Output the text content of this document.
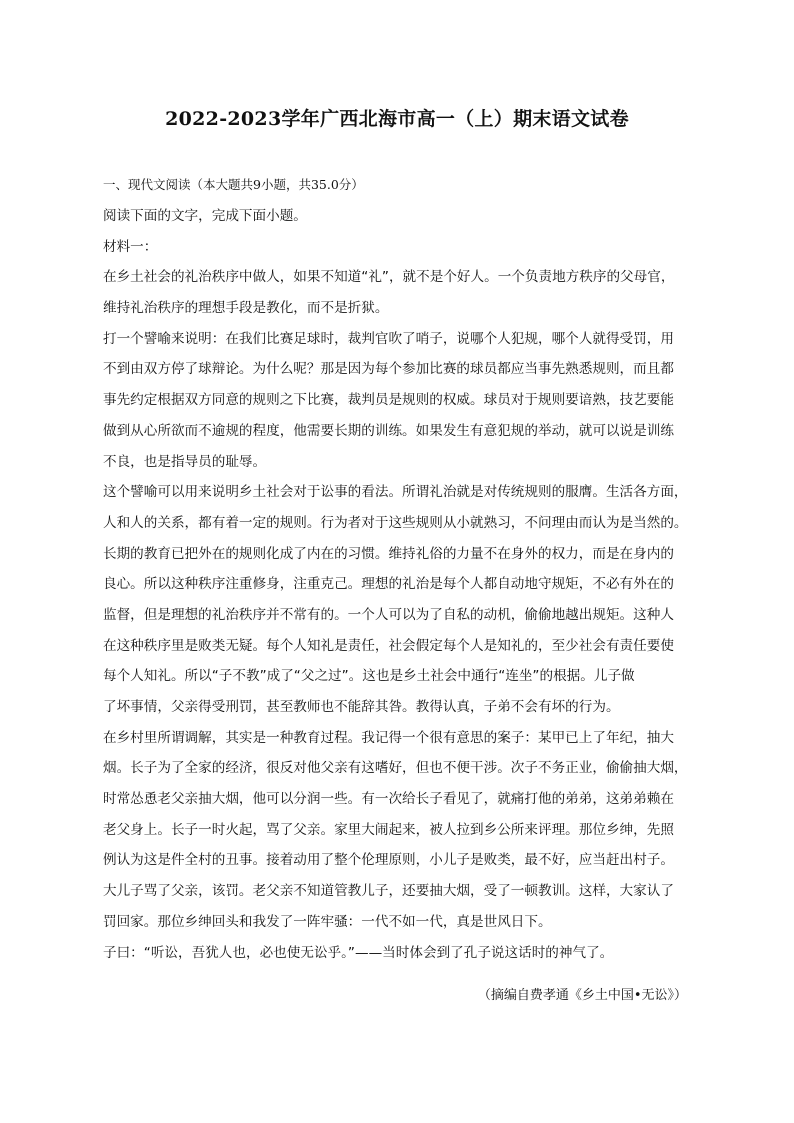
2022-2023学年广西北海市高一（上）期末语文试卷
一、现代文阅读（本大题共9小题，共35.0分）
阅读下面的文字，完成下面小题。
材料一：
在乡土社会的礼治秩序中做人，如果不知道“礼”，就不是个好人。一个负责地方秩序的父母官，
维持礼治秩序的理想手段是教化，而不是折狱。
打一个譬喻来说明：在我们比赛足球时，裁判官吹了哨子，说哪个人犯规，哪个人就得受罚，用
不到由双方停了球辩论。为什么呢？那是因为每个参加比赛的球员都应当事先熟悉规则，而且都
事先约定根据双方同意的规则之下比赛，裁判员是规则的权威。球员对于规则要谙熟，技艺要能
做到从心所欲而不逾规的程度，他需要长期的训练。如果发生有意犯规的举动，就可以说是训练
不良，也是指导员的耻辱。
这个譬喻可以用来说明乡土社会对于讼事的看法。所谓礼治就是对传统规则的服膺。生活各方面，
人和人的关系，都有着一定的规则。行为者对于这些规则从小就熟习，不问理由而认为是当然的。
长期的教育已把外在的规则化成了内在的习惯。维持礼俗的力量不在身外的权力，而是在身内的
良心。所以这种秩序注重修身，注重克己。理想的礼治是每个人都自动地守规矩，不必有外在的
监督，但是理想的礼治秩序并不常有的。一个人可以为了自私的动机，偷偷地越出规矩。这种人
在这种秩序里是败类无疑。每个人知礼是责任，社会假定每个人是知礼的，至少社会有责任要使
每个人知礼。所以“子不教”成了“父之过”。这也是乡土社会中通行“连坐”的根据。儿子做
了坏事情，父亲得受刑罚，甚至教师也不能辞其咎。教得认真，子弟不会有坏的行为。
在乡村里所谓调解，其实是一种教育过程。我记得一个很有意思的案子：某甲已上了年纪，抽大
烟。长子为了全家的经济，很反对他父亲有这嗜好，但也不便干涉。次子不务正业，偷偷抽大烟，
时常怂恿老父亲抽大烟，他可以分润一些。有一次给长子看见了，就痛打他的弟弟，这弟弟赖在
老父身上。长子一时火起，骂了父亲。家里大闹起来，被人拉到乡公所来评理。那位乡绅，先照
例认为这是件全村的丑事。接着动用了整个伦理原则，小儿子是败类，最不好，应当赶出村子。
大儿子骂了父亲，该罚。老父亲不知道管教儿子，还要抽大烟，受了一顿教训。这样，大家认了
罚回家。那位乡绅回头和我发了一阵牢骚：一代不如一代，真是世风日下。
子曰：“听讼，吾犹人也，必也使无讼乎。”——当时体会到了孔子说这话时的神气了。
（摘编自费孝通《乡土中国•无讼》）
